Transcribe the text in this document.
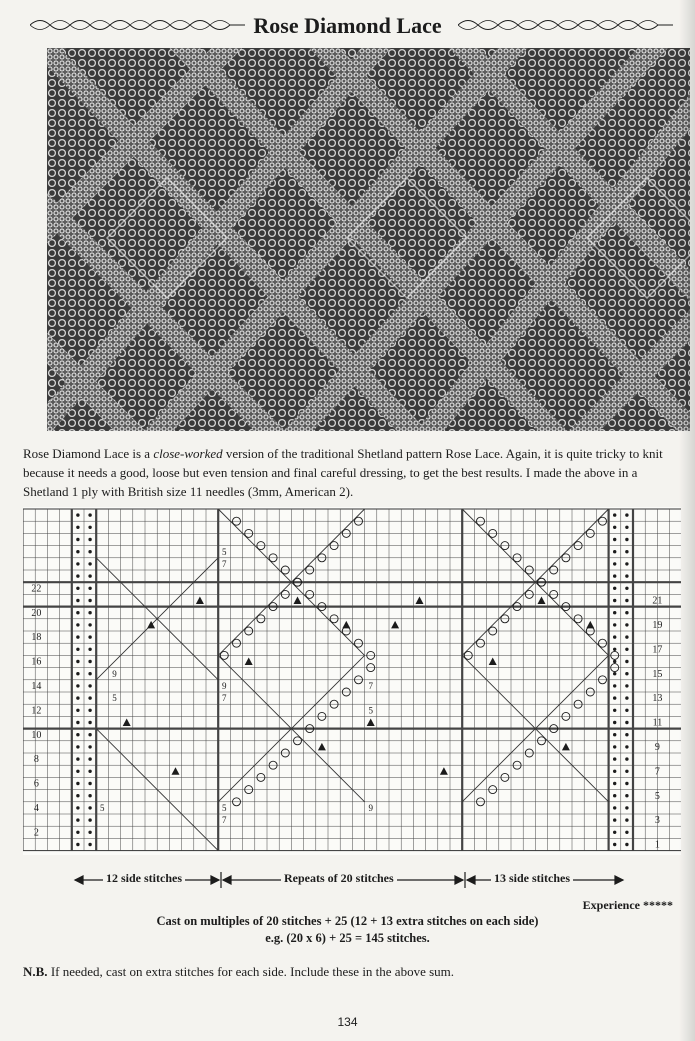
Rose Diamond Lace
Rose Diamond Lace is a close-worked version of the traditional Shetland pattern Rose Lace. Again, it is quite tricky to knit because it needs a good, loose but even tension and final careful dressing, to get the best results. I made the above in a Shetland 1 ply with British size 11 needles (3mm, American 2).
22
20
18
16
14
12
10
8
6
4
2
21
19
17
15
13
11
9
7
5
3
1
5
7
9
9	7
5	7
5
5	5	9
7
12 side stitches	Repeats of 20 stitches	13 side stitches
Experience *****
Cast on multiples of 20 stitches + 25 (12 + 13 extra stitches on each side)
e.g. (20 x 6) + 25 = 145 stitches.
N.B. If needed, cast on extra stitches for each side. Include these in the above sum.
134
